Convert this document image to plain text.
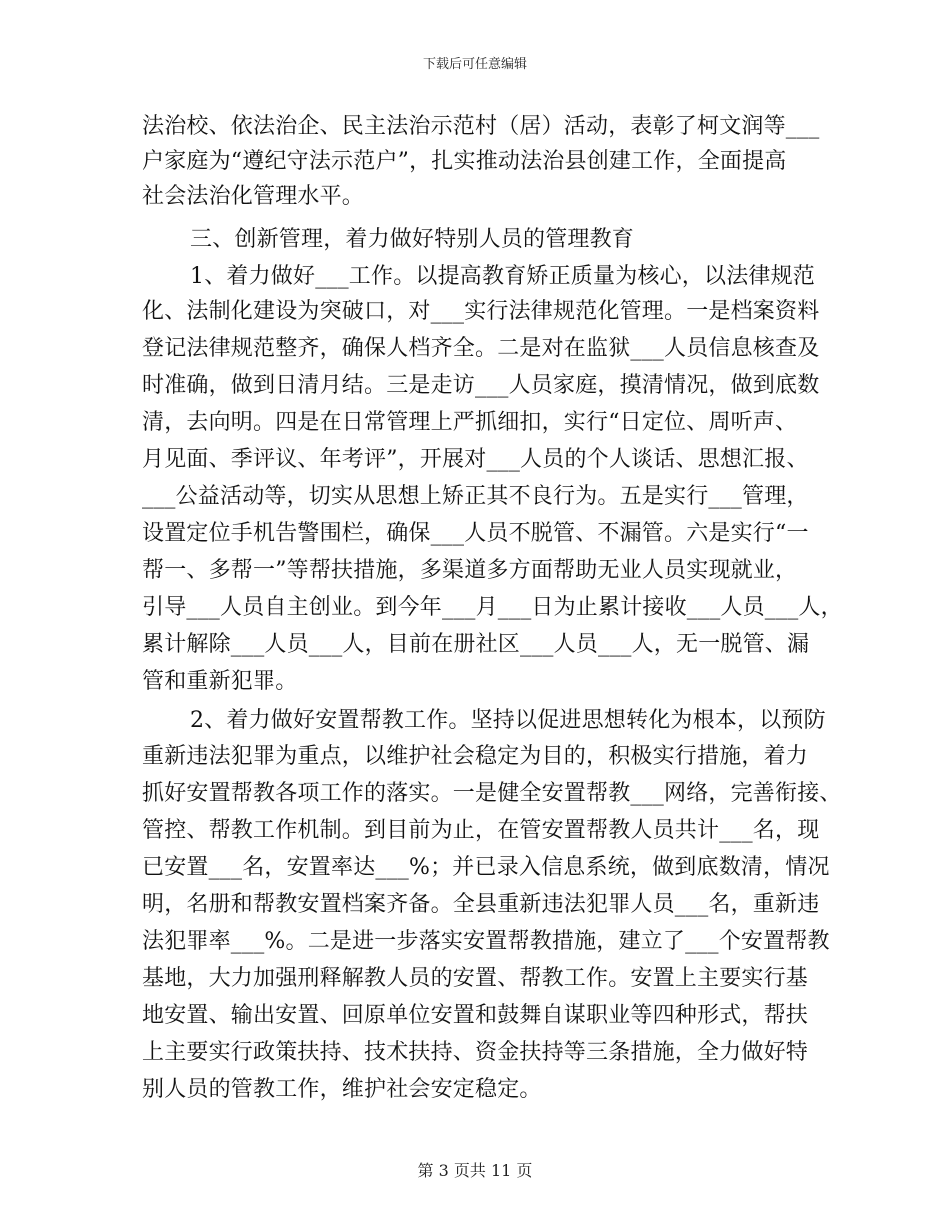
下载后可任意编辑
法治校、依法治企、民主法治示范村（居）活动，表彰了柯文润等___
户家庭为“遵纪守法示范户”，扎实推动法治县创建工作，全面提高
社会法治化管理水平。
三、创新管理，着力做好特别人员的管理教育
1、着力做好___工作。以提高教育矫正质量为核心，以法律规范
化、法制化建设为突破口，对___实行法律规范化管理。一是档案资料
登记法律规范整齐，确保人档齐全。二是对在监狱___人员信息核查及
时准确，做到日清月结。三是走访___人员家庭，摸清情况，做到底数
清，去向明。四是在日常管理上严抓细扣，实行“日定位、周听声、
月见面、季评议、年考评”，开展对___人员的个人谈话、思想汇报、
___公益活动等，切实从思想上矫正其不良行为。五是实行___管理，
设置定位手机告警围栏，确保___人员不脱管、不漏管。六是实行“一
帮一、多帮一”等帮扶措施，多渠道多方面帮助无业人员实现就业，
引导___人员自主创业。到今年___月___日为止累计接收___人员___人，
累计解除___人员___人，目前在册社区___人员___人，无一脱管、漏
管和重新犯罪。
2、着力做好安置帮教工作。坚持以促进思想转化为根本，以预防
重新违法犯罪为重点，以维护社会稳定为目的，积极实行措施，着力
抓好安置帮教各项工作的落实。一是健全安置帮教___网络，完善衔接、
管控、帮教工作机制。到目前为止，在管安置帮教人员共计___名，现
已安置___名，安置率达___%；并已录入信息系统，做到底数清，情况
明，名册和帮教安置档案齐备。全县重新违法犯罪人员___名，重新违
法犯罪率___%。二是进一步落实安置帮教措施，建立了___个安置帮教
基地，大力加强刑释解教人员的安置、帮教工作。安置上主要实行基
地安置、输出安置、回原单位安置和鼓舞自谋职业等四种形式，帮扶
上主要实行政策扶持、技术扶持、资金扶持等三条措施，全力做好特
别人员的管教工作，维护社会安定稳定。
第 3 页共 11 页
